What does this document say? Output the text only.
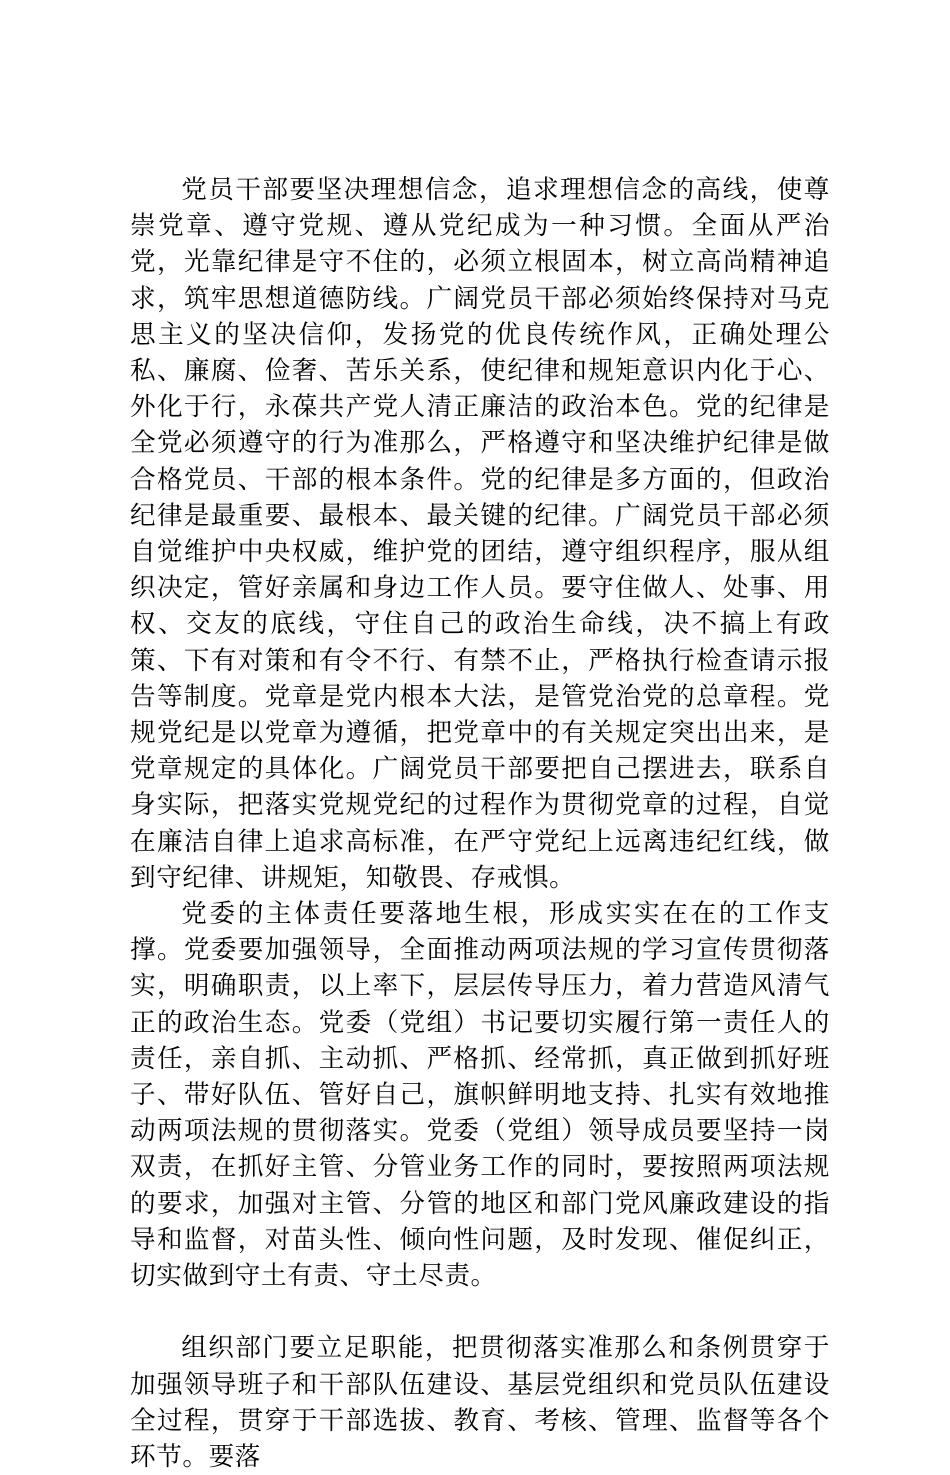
党员干部要坚决理想信念，追求理想信念的高线，使尊崇党章、遵守党规、遵从党纪成为一种习惯。全面从严治党，光靠纪律是守不住的，必须立根固本，树立高尚精神追求，筑牢思想道德防线。广阔党员干部必须始终保持对马克思主义的坚决信仰，发扬党的优良传统作风，正确处理公私、廉腐、俭奢、苦乐关系，使纪律和规矩意识内化于心、外化于行，永葆共产党人清正廉洁的政治本色。党的纪律是全党必须遵守的行为准那么，严格遵守和坚决维护纪律是做合格党员、干部的根本条件。党的纪律是多方面的，但政治纪律是最重要、最根本、最关键的纪律。广阔党员干部必须自觉维护中央权威，维护党的团结，遵守组织程序，服从组织决定，管好亲属和身边工作人员。要守住做人、处事、用权、交友的底线，守住自己的政治生命线，决不搞上有政策、下有对策和有令不行、有禁不止，严格执行检查请示报告等制度。党章是党内根本大法，是管党治党的总章程。党规党纪是以党章为遵循，把党章中的有关规定突出出来，是党章规定的具体化。广阔党员干部要把自己摆进去，联系自身实际，把落实党规党纪的过程作为贯彻党章的过程，自觉在廉洁自律上追求高标准，在严守党纪上远离违纪红线，做到守纪律、讲规矩，知敬畏、存戒惧。

党委的主体责任要落地生根，形成实实在在的工作支撑。党委要加强领导，全面推动两项法规的学习宣传贯彻落实，明确职责，以上率下，层层传导压力，着力营造风清气正的政治生态。党委（党组）书记要切实履行第一责任人的责任，亲自抓、主动抓、严格抓、经常抓，真正做到抓好班子、带好队伍、管好自己，旗帜鲜明地支持、扎实有效地推动两项法规的贯彻落实。党委（党组）领导成员要坚持一岗双责，在抓好主管、分管业务工作的同时，要按照两项法规的要求，加强对主管、分管的地区和部门党风廉政建设的指导和监督，对苗头性、倾向性问题，及时发现、催促纠正，切实做到守土有责、守土尽责。

组织部门要立足职能，把贯彻落实准那么和条例贯穿于加强领导班子和干部队伍建设、基层党组织和党员队伍建设全过程，贯穿于干部选拔、教育、考核、管理、监督等各个环节。要落
